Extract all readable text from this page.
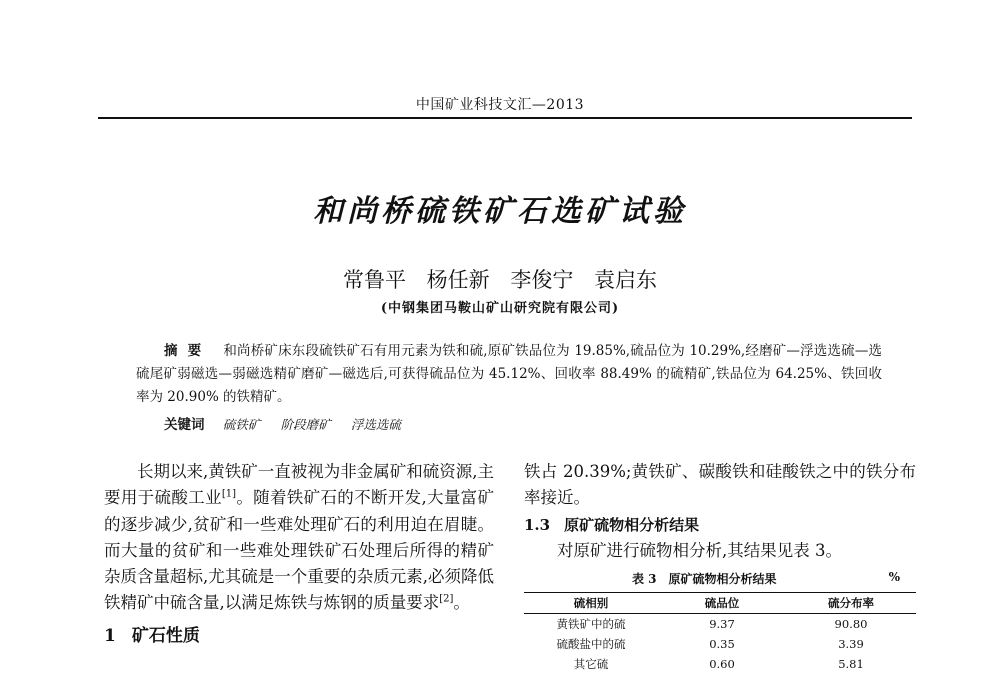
中国矿业科技文汇—2013
和尚桥硫铁矿石选矿试验
常鲁平 杨任新 李俊宁 袁启东
(中钢集团马鞍山矿山研究院有限公司)
摘要 和尚桥矿床东段硫铁矿石有用元素为铁和硫,原矿铁品位为 19.85%,硫品位为 10.29%,经磨矿—浮选选硫—选硫尾矿弱磁选—弱磁选精矿磨矿—磁选后,可获得硫品位为 45.12%、回收率 88.49% 的硫精矿,铁品位为 64.25%、铁回收率为 20.90% 的铁精矿。
关键词 硫铁矿 阶段磨矿 浮选选硫

长期以来,黄铁矿一直被视为非金属矿和硫资源,主要用于硫酸工业[1]。随着铁矿石的不断开发,大量富矿的逐步减少,贫矿和一些难处理矿石的利用迫在眉睫。而大量的贫矿和一些难处理铁矿石处理后所得的精矿杂质含量超标,尤其硫是一个重要的杂质元素,必须降低铁精矿中硫含量,以满足炼铁与炼钢的质量要求[2]。

1 矿石性质

铁占 20.39%;黄铁矿、碳酸铁和硅酸铁之中的铁分布率接近。

1.3 原矿硫物相分析结果

对原矿进行硫物相分析,其结果见表 3。

表 3 原矿硫物相分析结果	%
硫相别	硫品位	硫分布率
黄铁矿中的硫	9.37	90.80
硫酸盐中的硫	0.35	3.39
其它硫	0.60	5.81
